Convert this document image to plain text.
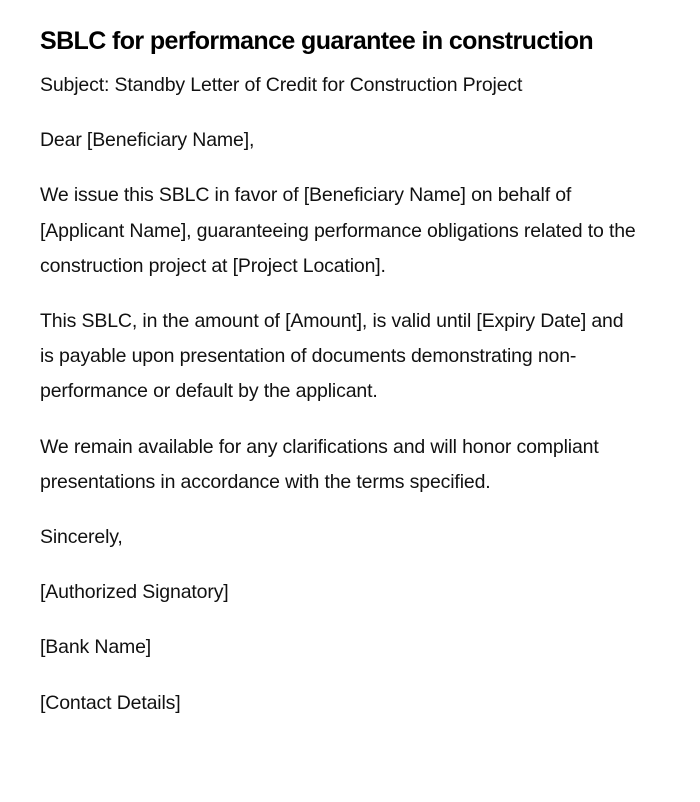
SBLC for performance guarantee in construction

Subject: Standby Letter of Credit for Construction Project

Dear [Beneficiary Name],

We issue this SBLC in favor of [Beneficiary Name] on behalf of [Applicant Name], guaranteeing performance obligations related to the construction project at [Project Location].

This SBLC, in the amount of [Amount], is valid until [Expiry Date] and is payable upon presentation of documents demonstrating non-performance or default by the applicant.

We remain available for any clarifications and will honor compliant presentations in accordance with the terms specified.

Sincerely,

[Authorized Signatory]

[Bank Name]

[Contact Details]
